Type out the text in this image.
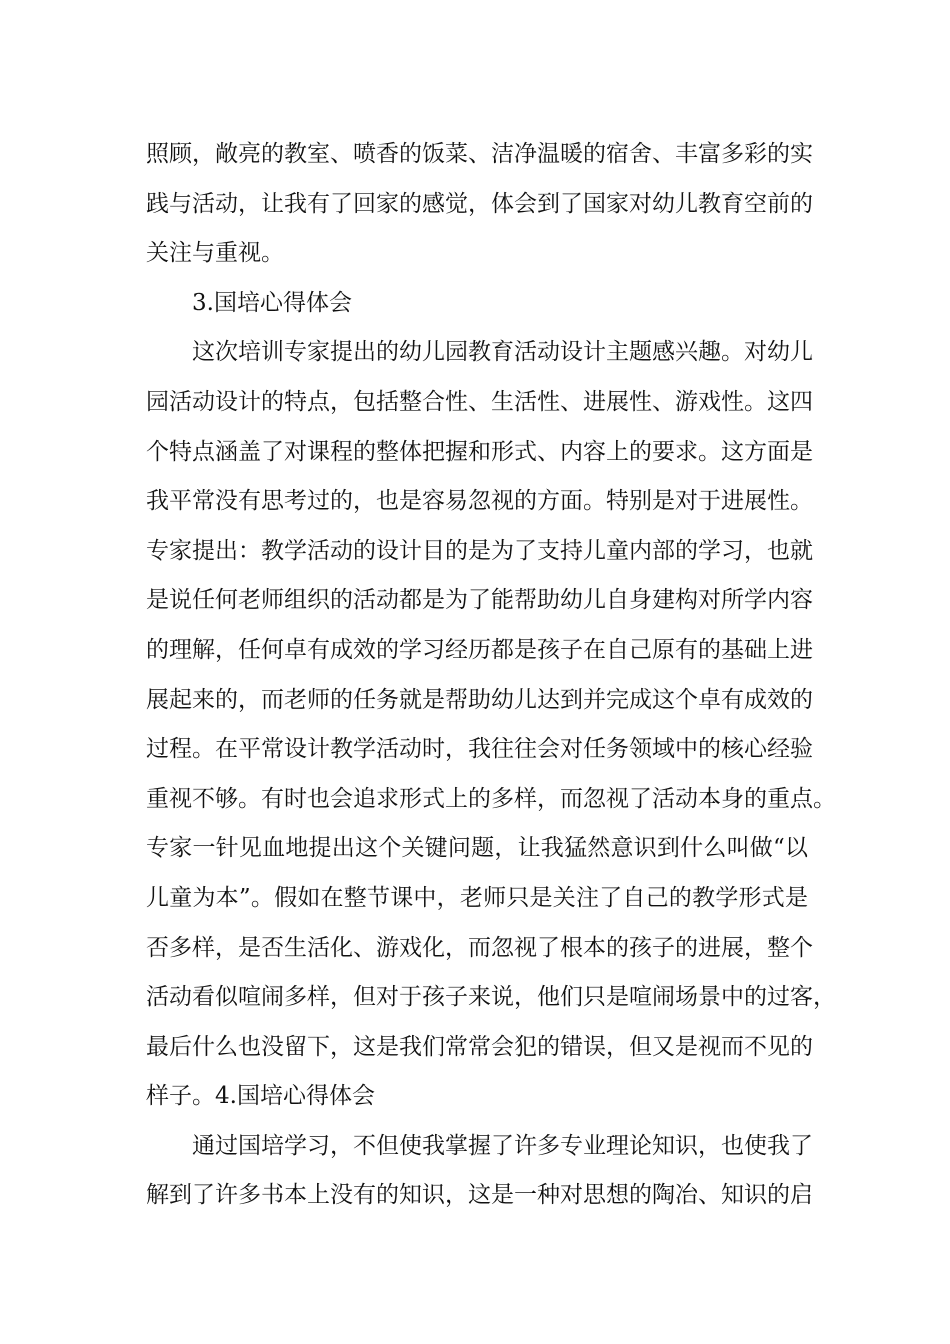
照顾，敞亮的教室、喷香的饭菜、洁净温暖的宿舍、丰富多彩的实
践与活动，让我有了回家的感觉，体会到了国家对幼儿教育空前的
关注与重视。
3.国培心得体会
这次培训专家提出的幼儿园教育活动设计主题感兴趣。对幼儿
园活动设计的特点，包括整合性、生活性、进展性、游戏性。这四
个特点涵盖了对课程的整体把握和形式、内容上的要求。这方面是
我平常没有思考过的，也是容易忽视的方面。特别是对于进展性。
专家提出：教学活动的设计目的是为了支持儿童内部的学习，也就
是说任何老师组织的活动都是为了能帮助幼儿自身建构对所学内容
的理解，任何卓有成效的学习经历都是孩子在自己原有的基础上进
展起来的，而老师的任务就是帮助幼儿达到并完成这个卓有成效的
过程。在平常设计教学活动时，我往往会对任务领域中的核心经验
重视不够。有时也会追求形式上的多样，而忽视了活动本身的重点。
专家一针见血地提出这个关键问题，让我猛然意识到什么叫做“以
儿童为本”。假如在整节课中，老师只是关注了自己的教学形式是
否多样，是否生活化、游戏化，而忽视了根本的孩子的进展，整个
活动看似喧闹多样，但对于孩子来说，他们只是喧闹场景中的过客，
最后什么也没留下，这是我们常常会犯的错误，但又是视而不见的
样子。4.国培心得体会
通过国培学习，不但使我掌握了许多专业理论知识，也使我了
解到了许多书本上没有的知识，这是一种对思想的陶冶、知识的启
